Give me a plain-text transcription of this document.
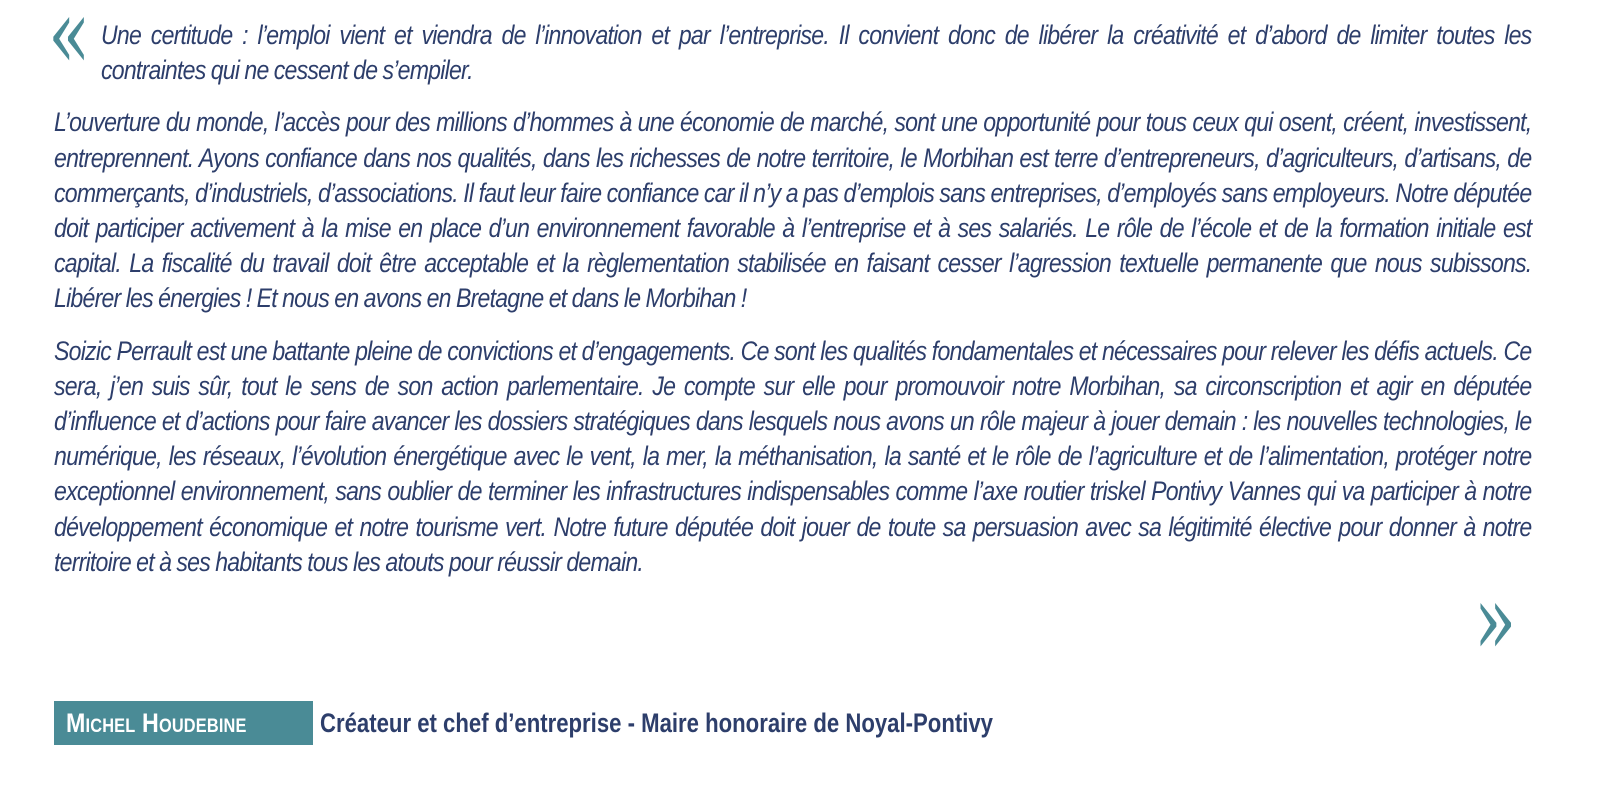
« Une certitude : l’emploi vient et viendra de l’innovation et par l’entreprise. Il convient donc de libérer la créativité et d’abord de limiter toutes les contraintes qui ne cessent de s’empiler.

L’ouverture du monde, l’accès pour des millions d’hommes à une économie de marché, sont une opportunité pour tous ceux qui osent, créent, investissent, entreprennent. Ayons confiance dans nos qualités, dans les richesses de notre territoire, le Morbihan est terre d’entrepreneurs, d’agriculteurs, d’artisans, de commerçants, d’industriels, d’associations. Il faut leur faire confiance car il n’y a pas d’emplois sans entreprises, d’employés sans employeurs. Notre députée doit participer activement à la mise en place d’un environnement favorable à l’entreprise et à ses salariés. Le rôle de l’école et de la formation initiale est capital. La fiscalité du travail doit être acceptable et la règlementation stabilisée en faisant cesser l’agression textuelle permanente que nous subissons. Libérer les énergies ! Et nous en avons en Bretagne et dans le Morbihan !

Soizic Perrault est une battante pleine de convictions et d’engagements. Ce sont les qualités fondamentales et nécessaires pour relever les défis actuels. Ce sera, j’en suis sûr, tout le sens de son action parlementaire. Je compte sur elle pour promouvoir notre Morbihan, sa circonscription et agir en députée d’influence et d’actions pour faire avancer les dossiers stratégiques dans lesquels nous avons un rôle majeur à jouer demain : les nouvelles technologies, le numérique, les réseaux, l’évolution énergétique avec le vent, la mer, la méthanisation, la santé et le rôle de l’agriculture et de l’alimentation, protéger notre exceptionnel environnement, sans oublier de terminer les infrastructures indispensables comme l’axe routier triskel Pontivy Vannes qui va participer à notre développement économique et notre tourisme vert. Notre future députée doit jouer de toute sa persuasion avec sa légitimité élective pour donner à notre territoire et à ses habitants tous les atouts pour réussir demain.

»
Michel Houdebine	Créateur et chef d’entreprise - Maire honoraire de Noyal-Pontivy
